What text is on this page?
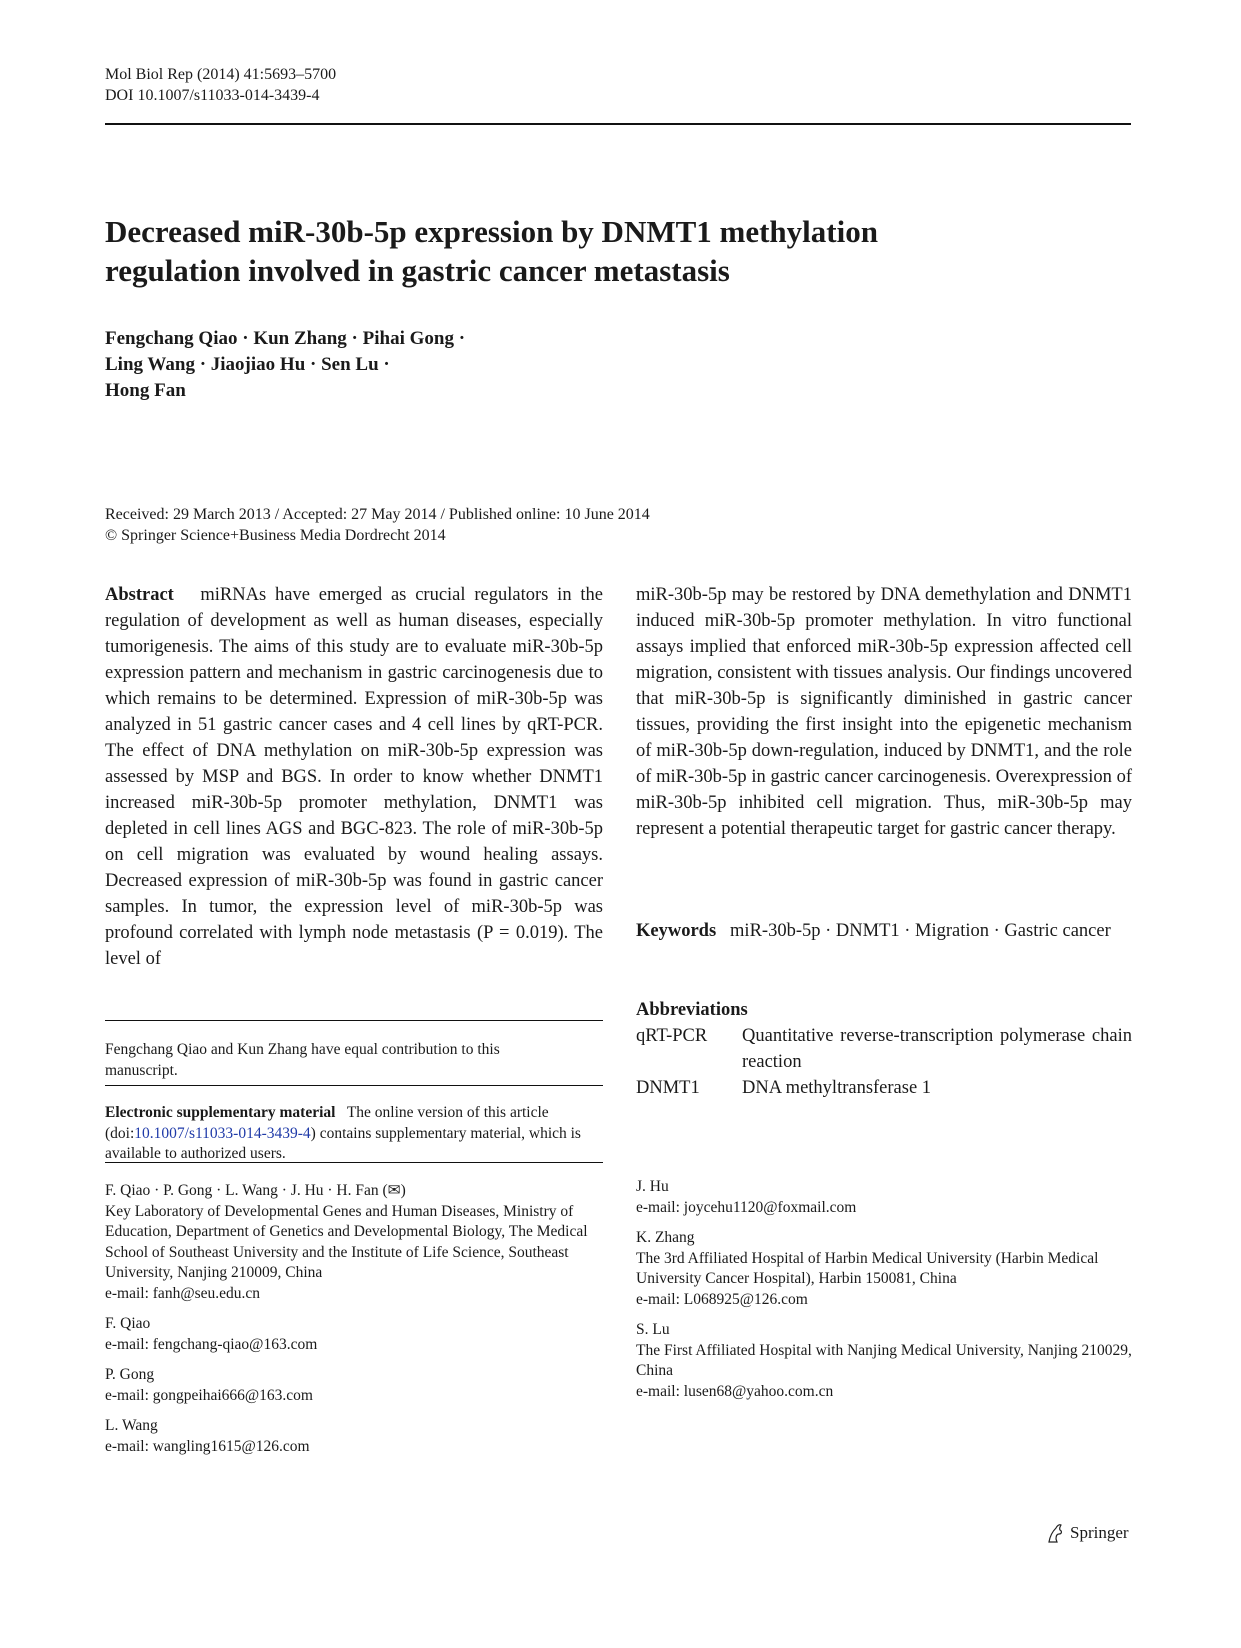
Mol Biol Rep (2014) 41:5693–5700
DOI 10.1007/s11033-014-3439-4
Decreased miR-30b-5p expression by DNMT1 methylation
regulation involved in gastric cancer metastasis
Fengchang Qiao · Kun Zhang · Pihai Gong ·
Ling Wang · Jiaojiao Hu · Sen Lu ·
Hong Fan
Received: 29 March 2013 / Accepted: 27 May 2014 / Published online: 10 June 2014
© Springer Science+Business Media Dordrecht 2014
Abstract miRNAs have emerged as crucial regulators in the regulation of development as well as human diseases, especially tumorigenesis. The aims of this study are to evaluate miR-30b-5p expression pattern and mechanism in gastric carcinogenesis due to which remains to be determined. Expression of miR-30b-5p was analyzed in 51 gastric cancer cases and 4 cell lines by qRT-PCR. The effect of DNA methylation on miR-30b-5p expression was assessed by MSP and BGS. In order to know whether DNMT1 increased miR-30b-5p promoter methylation, DNMT1 was depleted in cell lines AGS and BGC-823. The role of miR-30b-5p on cell migration was evaluated by wound healing assays. Decreased expression of miR-30b-5p was found in gastric cancer samples. In tumor, the expression level of miR-30b-5p was profound correlated with lymph node metastasis (P = 0.019). The level of
miR-30b-5p may be restored by DNA demethylation and DNMT1 induced miR-30b-5p promoter methylation. In vitro functional assays implied that enforced miR-30b-5p expression affected cell migration, consistent with tissues analysis. Our findings uncovered that miR-30b-5p is significantly diminished in gastric cancer tissues, providing the first insight into the epigenetic mechanism of miR-30b-5p down-regulation, induced by DNMT1, and the role of miR-30b-5p in gastric cancer carcinogenesis. Overexpression of miR-30b-5p inhibited cell migration. Thus, miR-30b-5p may represent a potential therapeutic target for gastric cancer therapy.
Keywords miR-30b-5p · DNMT1 · Migration · Gastric cancer
Abbreviations
qRT-PCR	Quantitative reverse-transcription polymerase chain reaction
DNMT1	DNA methyltransferase 1
Fengchang Qiao and Kun Zhang have equal contribution to this manuscript.
Electronic supplementary material The online version of this article (doi:10.1007/s11033-014-3439-4) contains supplementary material, which is available to authorized users.
F. Qiao · P. Gong · L. Wang · J. Hu · H. Fan (✉)
Key Laboratory of Developmental Genes and Human Diseases, Ministry of Education, Department of Genetics and Developmental Biology, The Medical School of Southeast University and the Institute of Life Science, Southeast University, Nanjing 210009, China
e-mail: fanh@seu.edu.cn
F. Qiao
e-mail: fengchang-qiao@163.com
P. Gong
e-mail: gongpeihai666@163.com
L. Wang
e-mail: wangling1615@126.com
J. Hu
e-mail: joycehu1120@foxmail.com
K. Zhang
The 3rd Affiliated Hospital of Harbin Medical University (Harbin Medical University Cancer Hospital), Harbin 150081, China
e-mail: L068925@126.com
S. Lu
The First Affiliated Hospital with Nanjing Medical University, Nanjing 210029, China
e-mail: lusen68@yahoo.com.cn
Springer
